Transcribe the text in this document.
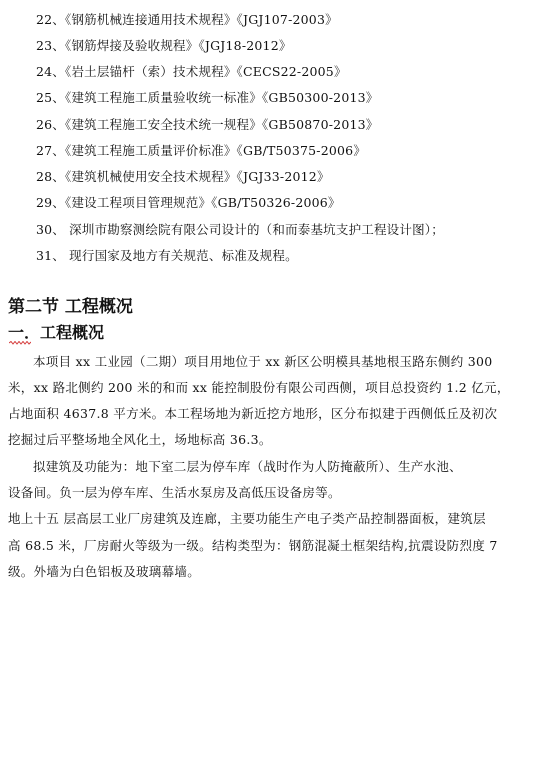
22、《钢筋机械连接通用技术规程》《JGJ107-2003》
23、《钢筋焊接及验收规程》《JGJ18-2012》
24、《岩土层锚杆（索）技术规程》《CECS22-2005》
25、《建筑工程施工质量验收统一标准》《GB50300-2013》
26、《建筑工程施工安全技术统一规程》《GB50870-2013》
27、《建筑工程施工质量评价标准》《GB/T50375-2006》
28、《建筑机械使用安全技术规程》《JGJ33-2012》
29、《建设工程项目管理规范》《GB/T50326-2006》
30、 深圳市勘察测绘院有限公司设计的（和而泰基坑支护工程设计图）；
31、 现行国家及地方有关规范、标准及规程。
第二节 工程概况
一．工程概况
本项目 xx 工业园（二期）项目用地位于 xx 新区公明模具基地根玉路东侧约 300
米，xx 路北侧约 200 米的和而 xx 能控制股份有限公司西侧，项目总投资约 1.2 亿元，
占地面积 4637.8 平方米。本工程场地为新近挖方地形，区分布拟建于西侧低丘及初次
挖掘过后平整场地全风化土，场地标高 36.3。
拟建筑及功能为：地下室二层为停车库（战时作为人防掩蔽所）、生产水池、
设备间。负一层为停车库、生活水泵房及高低压设备房等。
地上十五 层高层工业厂房建筑及连廊，主要功能生产电子类产品控制器面板，建筑层
高 68.5 米，厂房耐火等级为一级。结构类型为：钢筋混凝土框架结构,抗震设防烈度 7
级。外墙为白色铝板及玻璃幕墙。
